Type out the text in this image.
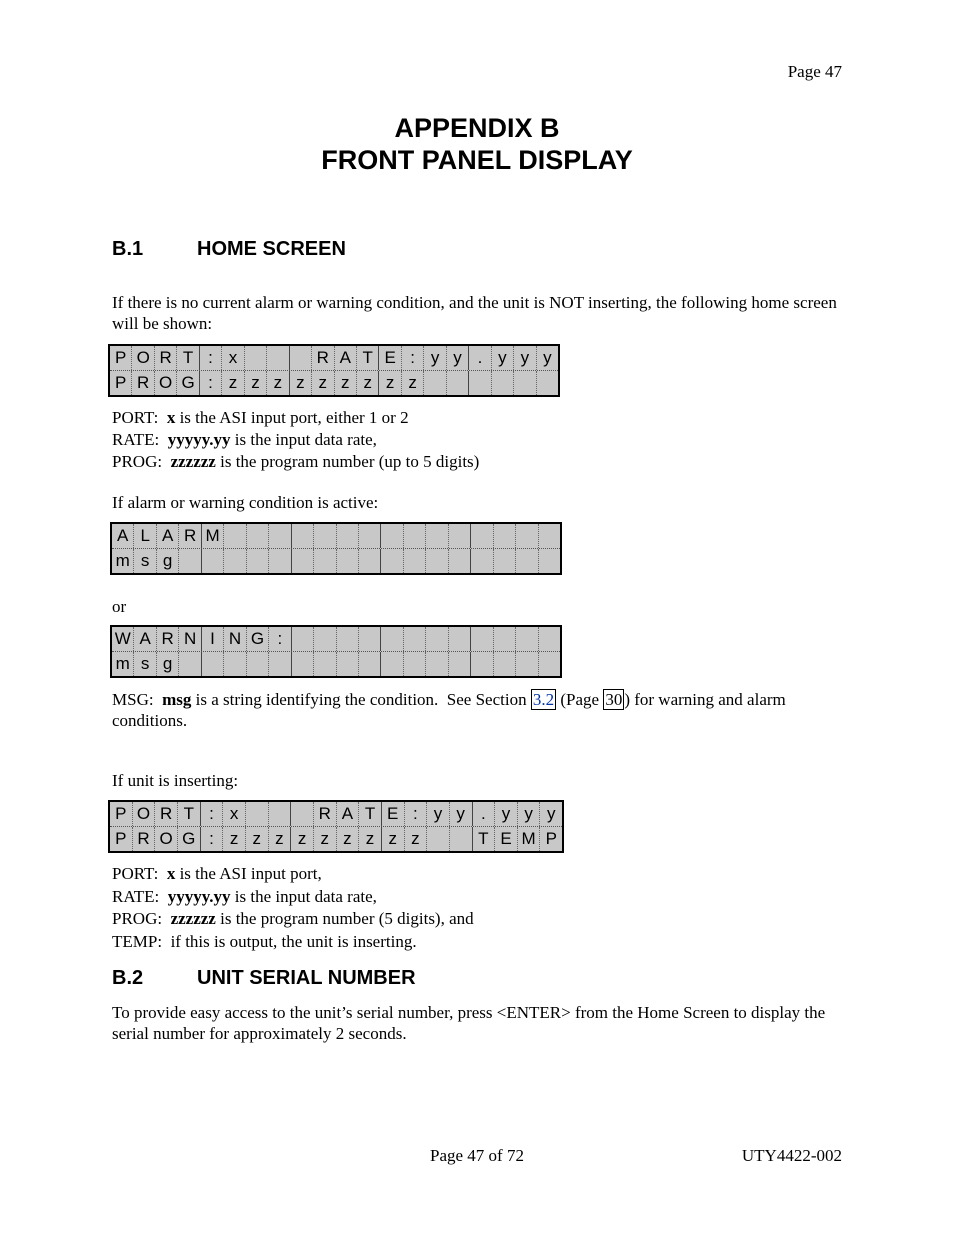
Page 47
APPENDIX B
FRONT PANEL DISPLAY
B.1	HOME SCREEN
If there is no current alarm or warning condition, and the unit is NOT inserting, the following home screen will be shown:
P O R T : x	R A T E : y y . y y y
P R O G : z z z z z z z z z
PORT:  x is the ASI input port, either 1 or 2
RATE:  yyyyy.yy is the input data rate,
PROG:  zzzzzz is the program number (up to 5 digits)
If alarm or warning condition is active:
A L A R M
m s g
or
W A R N I N G :
m s g
MSG:  msg is a string identifying the condition.  See Section 3.2 (Page 30 ) for warning and alarm conditions.
If unit is inserting:
P O R T : x	R A T E : y y . y y y
P R O G : z z z z z z z z z	T E M P
PORT:  x is the ASI input port,
RATE:  yyyyy.yy is the input data rate,
PROG:  zzzzzz is the program number (5 digits), and
TEMP:  if this is output, the unit is inserting.
B.2	UNIT SERIAL NUMBER
To provide easy access to the unit’s serial number, press <ENTER> from the Home Screen to display the serial number for approximately 2 seconds.
Page 47 of 72	UTY4422-002
